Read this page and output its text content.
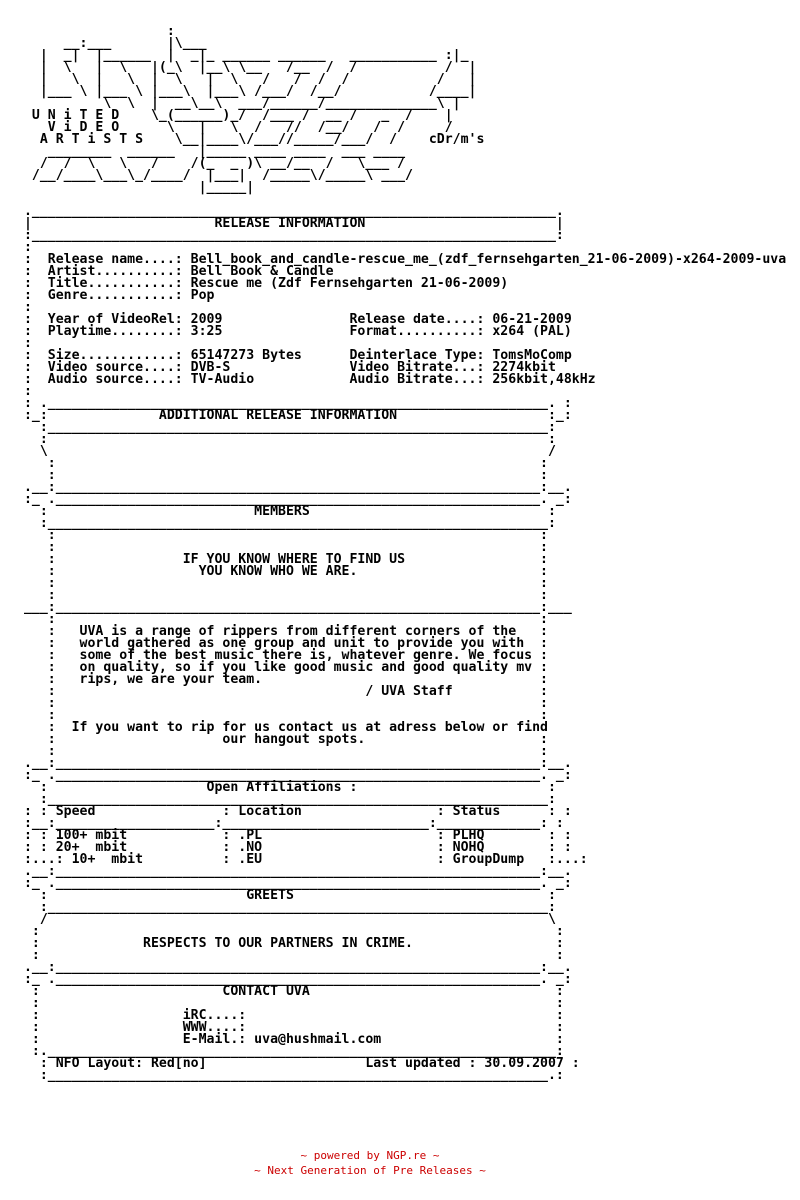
:
__:___       |\___
|  _|  |______  |  _|_ ______ ______   ___________ :|_
|  \   |  \   |(_\  |__\ \__   /__  /  /           /  |
|   \  |   \  |  \   |  \   /   /  /  /           /   |
|___ \ |___ \ |___\  |___\ /___/  /__/           /____|
\  \  |  __\__\  ___/______/______________\ |
U N i T E D    \_(______)_/  /___ /  __ /   _  /    |
V i D E O      \   |   \  /   //  /__/   /  /     /
A R T i S T S    \__|____\/___//_____/___/  /    cDr/m's
________  ______   |_____ ____ ____  ___ ____
/  /  \   \   /    /(_  _ )\ __/__  /   \___ /
/__/____\___\_/____/  |___|  /_____\/_____\ ___/
|_____|

.__________________________________________________________________.
|                       RELEASE INFORMATION                        |
:__________________________________________________________________:
:
:  Release name....: Bell_book_and_candle-rescue_me_(zdf_fernsehgarten_21-06-2009)-x264-2009-uva
:  Artist..........: Bell Book & Candle
:  Title...........: Rescue me (Zdf Fernsehgarten 21-06-2009)
:  Genre...........: Pop
:
:  Year of VideoRel: 2009                Release date....: 06-21-2009
:  Playtime........: 3:25                Format..........: x264 (PAL)
:
:  Size............: 65147273 Bytes      Deinterlace Type: TomsMoComp
:  Video source....: DVB-S               Video Bitrate...: 2274kbit
:  Audio source....: TV-Audio            Audio Bitrate...: 256kbit,48kHz
:
: ._______________________________________________________________. :
:_:              ADDITIONAL RELEASE INFORMATION                   :_:
:_______________________________________________________________:
:                                                               :
\                                                               /
:                                                             :
:                                                             :
.__:_____________________________________________________________:__.
:_ ._____________________________________________________________. _:
:                          MEMBERS                              :
:_______________________________________________________________:
:                                                             :
:                                                             :
:                IF YOU KNOW WHERE TO FIND US                 :
:                  YOU KNOW WHO WE ARE.                       :
:                                                             :
:                                                             :
___:_____________________________________________________________:___
:                                                             :
:   UVA is a range of rippers from different corners of the   :
:   world gathered as one group and unit to provide you with  :
:   some of the best music there is, whatever genre. We focus :
:   on quality, so if you like good music and good quality mv :
:   rips, we are your team.                                   :
:                                       / UVA Staff           :
:                                                             :
:                                                             :
:  If you want to rip for us contact us at adress below or find
:                     our hangout spots.                      :
:                                                             :
.__:_____________________________________________________________:__.
:_ ._____________________________________________________________. _:
:                    Open Affiliations :                        :
:_______________________________________________________________:
: : Speed                : Location                 : Status      : :
:__:____________________:__________________________:_____________: :
: : 100+ mbit            : .PL                      : PLHQ        : :
: : 20+  mbit            : .NO                      : NOHQ        : :
:...: 10+  mbit          : .EU                      : GroupDump   :...:
.__:_____________________________________________________________:__.
:_ ._____________________________________________________________. _:
:                         GREETS                                :
:_______________________________________________________________:
/                                                               \
:                                                                 :
:             RESPECTS TO OUR PARTNERS IN CRIME.                  :
:                                                                 :
.__:_____________________________________________________________:__.
:_ ._____________________________________________________________. _:
:                       CONTACT UVA                               :
:                                                                 :
:                  iRC....:                                       :
:                  WWW....:                                       :
:                  E-Mail.: uva@hushmail.com                      :
:.________________________________________________________________:
: NFO Layout: Red[no]                    Last updated : 30.09.2007 :
:_______________________________________________________________.:
~ powered by NGP.re ~
~ Next Generation of Pre Releases ~
